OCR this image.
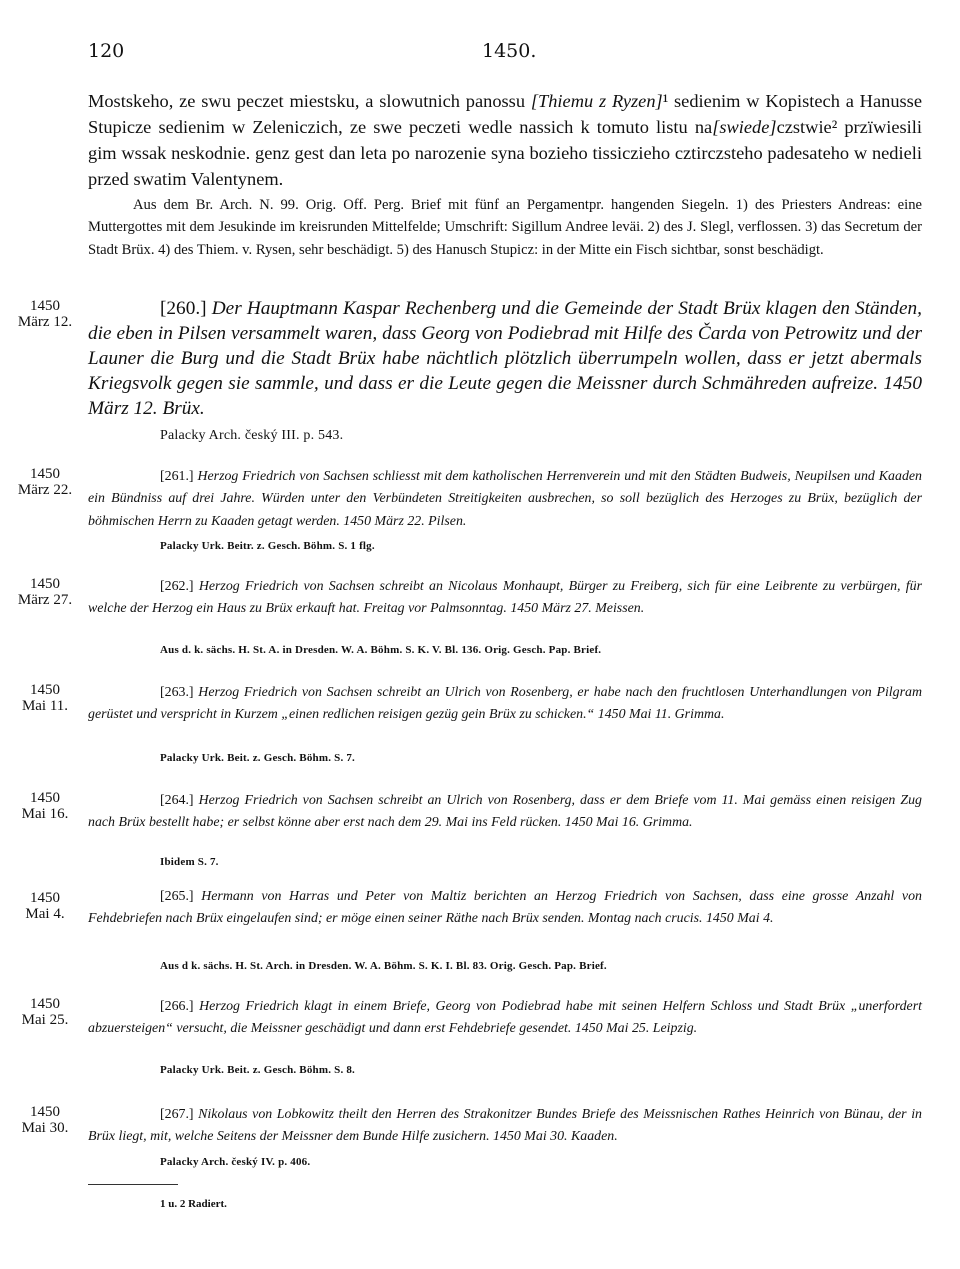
120	1450.
Mostskeho, ze swu peczet miestsku, a slowutnich panossu [Thiemu z Ryzen]¹ sedienim w Kopistech a Hanusse Stupicze sedienim w Zeleniczich, ze swe peczeti wedle nassich k tomuto listu na[swiede]czstwie² przïwiesili gim wssak neskodnie. genz gest dan leta po narozenie syna bozieho tissiczieho cztirczsteho padesateho w nedieli przed swatim Valentynem.
Aus dem Br. Arch. N. 99. Orig. Off. Perg. Brief mit fünf an Pergamentpr. hangenden Siegeln. 1) des Priesters Andreas: eine Muttergottes mit dem Jesukinde im kreisrunden Mittelfelde; Umschrift: Sigillum Andree leväi. 2) des J. Slegl, verflossen. 3) das Secretum der Stadt Brüx. 4) des Thiem. v. Rysen, sehr beschädigt. 5) des Hanusch Stupicz: in der Mitte ein Fisch sichtbar, sonst beschädigt.
1450
März 12.
[260.] Der Hauptmann Kaspar Rechenberg und die Gemeinde der Stadt Brüx klagen den Ständen, die eben in Pilsen versammelt waren, dass Georg von Podiebrad mit Hilfe des Čarda von Petrowitz und der Launer die Burg und die Stadt Brüx habe nächtlich plötzlich überrumpeln wollen, dass er jetzt abermals Kriegsvolk gegen sie sammle, und dass er die Leute gegen die Meissner durch Schmähreden aufreize. 1450 März 12. Brüx.
Palacky Arch. český III. p. 543.
1450
März 22.
[261.] Herzog Friedrich von Sachsen schliesst mit dem katholischen Herrenverein und mit den Städten Budweis, Neupilsen und Kaaden ein Bündniss auf drei Jahre. Würden unter den Verbündeten Streitigkeiten ausbrechen, so soll bezüglich des Herzoges zu Brüx, bezüglich der böhmischen Herrn zu Kaaden getagt werden. 1450 März 22. Pilsen.
Palacky Urk. Beitr. z. Gesch. Böhm. S. 1 flg.
1450
März 27.
[262.] Herzog Friedrich von Sachsen schreibt an Nicolaus Monhaupt, Bürger zu Freiberg, sich für eine Leibrente zu verbürgen, für welche der Herzog ein Haus zu Brüx erkauft hat. Freitag vor Palmsonntag. 1450 März 27. Meissen.
Aus d. k. sächs. H. St. A. in Dresden. W. A. Böhm. S. K. V. Bl. 136. Orig. Gesch. Pap. Brief.
1450
Mai 11.
[263.] Herzog Friedrich von Sachsen schreibt an Ulrich von Rosenberg, er habe nach den fruchtlosen Unterhandlungen von Pilgram gerüstet und verspricht in Kurzem „einen redlichen reisigen gezüg gein Brüx zu schicken.“ 1450 Mai 11. Grimma.
Palacky Urk. Beit. z. Gesch. Böhm. S. 7.
1450
Mai 16.
[264.] Herzog Friedrich von Sachsen schreibt an Ulrich von Rosenberg, dass er dem Briefe vom 11. Mai gemäss einen reisigen Zug nach Brüx bestellt habe; er selbst könne aber erst nach dem 29. Mai ins Feld rücken. 1450 Mai 16. Grimma.
Ibidem S. 7.
1450
Mai 4.
[265.] Hermann von Harras und Peter von Maltiz berichten an Herzog Friedrich von Sachsen, dass eine grosse Anzahl von Fehdebriefen nach Brüx eingelaufen sind; er möge einen seiner Räthe nach Brüx senden. Montag nach crucis. 1450 Mai 4.
Aus d k. sächs. H. St. Arch. in Dresden. W. A. Böhm. S. K. I. Bl. 83. Orig. Gesch. Pap. Brief.
1450
Mai 25.
[266.] Herzog Friedrich klagt in einem Briefe, Georg von Podiebrad habe mit seinen Helfern Schloss und Stadt Brüx „unerfordert abzuersteigen“ versucht, die Meissner geschädigt und dann erst Fehdebriefe gesendet. 1450 Mai 25. Leipzig.
Palacky Urk. Beit. z. Gesch. Böhm. S. 8.
1450
Mai 30.
[267.] Nikolaus von Lobkowitz theilt den Herren des Strakonitzer Bundes Briefe des Meissnischen Rathes Heinrich von Bünau, der in Brüx liegt, mit, welche Seitens der Meissner dem Bunde Hilfe zusichern. 1450 Mai 30. Kaaden.
Palacky Arch. český IV. p. 406.
1 u. 2 Radiert.
